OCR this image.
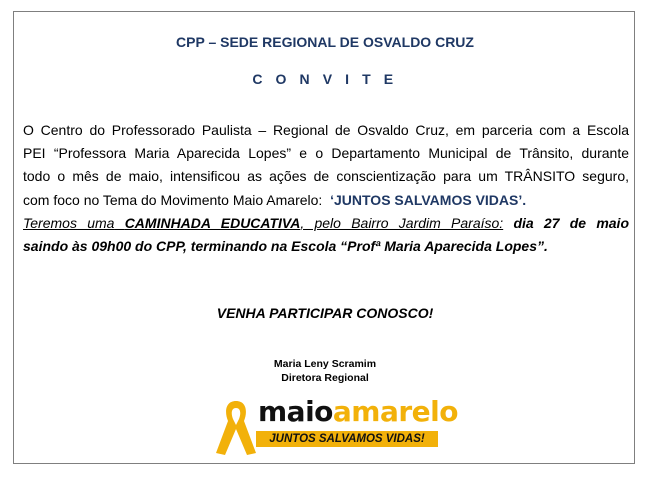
CPP – SEDE REGIONAL DE OSVALDO CRUZ
C O N V I T E
O Centro do Professorado Paulista – Regional de Osvaldo Cruz, em parceria com a Escola
PEI “Professora Maria Aparecida Lopes” e o Departamento Municipal de Trânsito, durante
todo o mês de maio, intensificou as ações de conscientização para um TRÂNSITO seguro,
com foco no Tema do Movimento Maio Amarelo: ‘JUNTOS SALVAMOS VIDAS’.
Teremos uma CAMINHADA EDUCATIVA, pelo Bairro Jardim Paraíso: dia 27 de maio
saindo às 09h00 do CPP, terminando na Escola “Profª Maria Aparecida Lopes”.
VENHA PARTICIPAR CONOSCO!
Maria Leny Scramim
Diretora Regional
maioamarelo
JUNTOS SALVAMOS VIDAS!
